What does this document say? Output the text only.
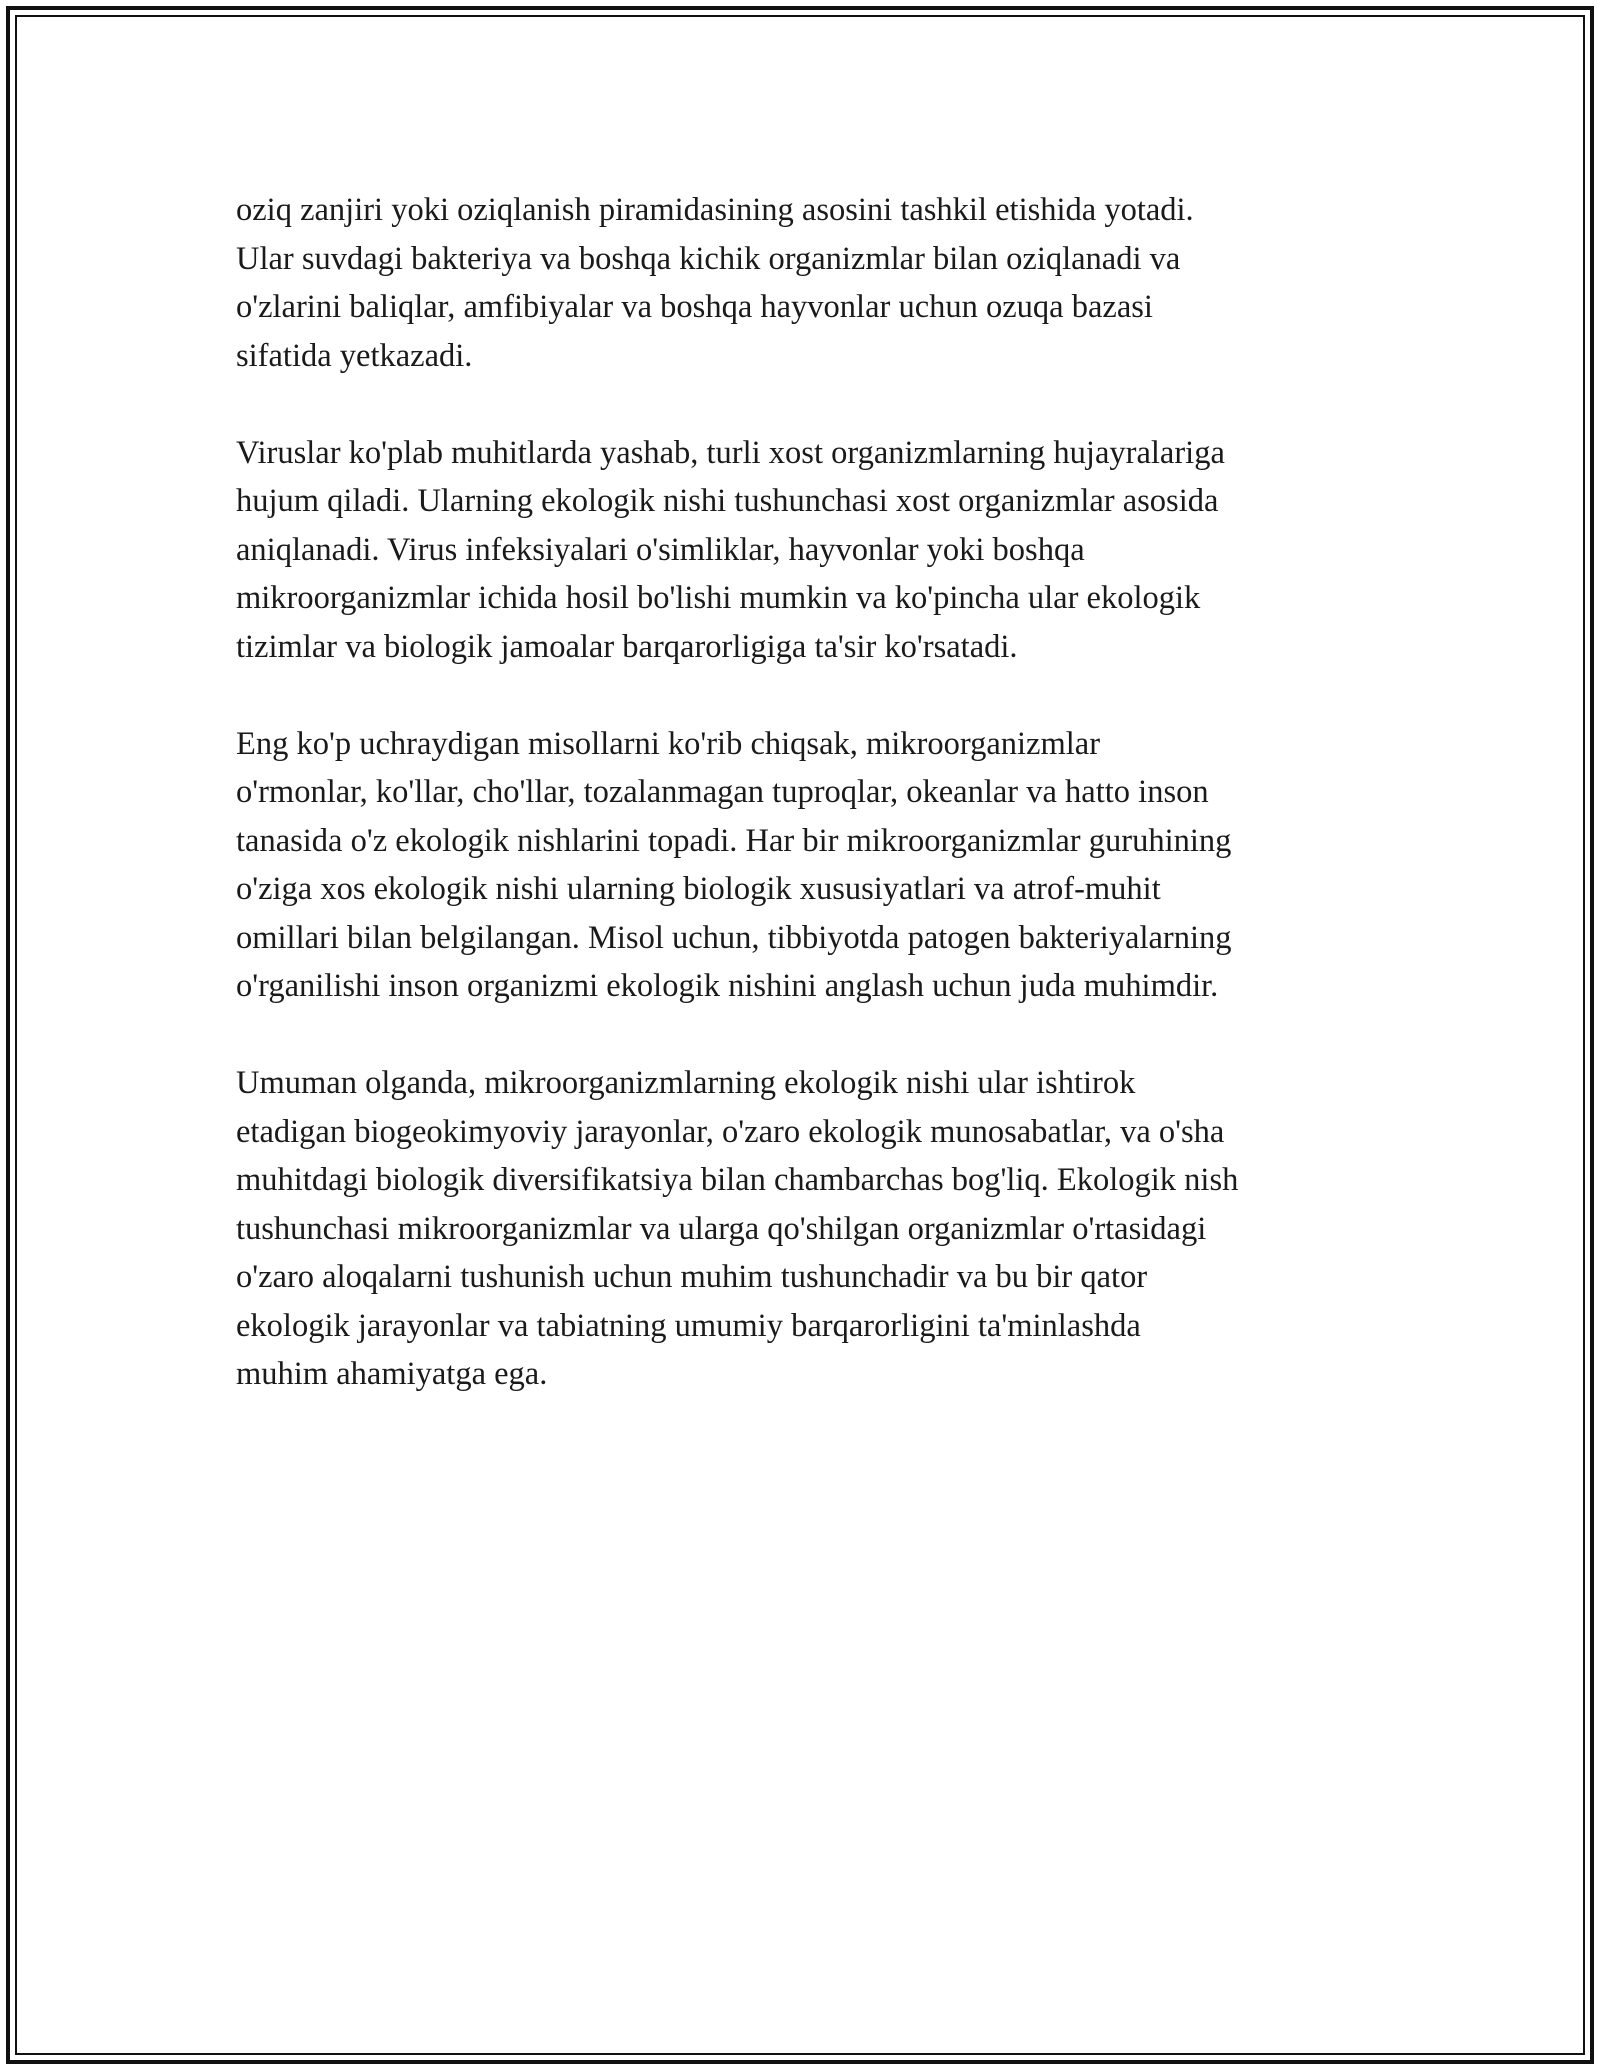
oziq zanjiri yoki oziqlanish piramidasining asosini tashkil etishida yotadi.
Ular suvdagi bakteriya va boshqa kichik organizmlar bilan oziqlanadi va
o'zlarini baliqlar, amfibiyalar va boshqa hayvonlar uchun ozuqa bazasi
sifatida yetkazadi.

Viruslar ko'plab muhitlarda yashab, turli xost organizmlarning hujayralariga
hujum qiladi. Ularning ekologik nishi tushunchasi xost organizmlar asosida
aniqlanadi. Virus infeksiyalari o'simliklar, hayvonlar yoki boshqa
mikroorganizmlar ichida hosil bo'lishi mumkin va ko'pincha ular ekologik
tizimlar va biologik jamoalar barqarorligiga ta'sir ko'rsatadi.

Eng ko'p uchraydigan misollarni ko'rib chiqsak, mikroorganizmlar
o'rmonlar, ko'llar, cho'llar, tozalanmagan tuproqlar, okeanlar va hatto inson
tanasida o'z ekologik nishlarini topadi. Har bir mikroorganizmlar guruhining
o'ziga xos ekologik nishi ularning biologik xususiyatlari va atrof-muhit
omillari bilan belgilangan. Misol uchun, tibbiyotda patogen bakteriyalarning
o'rganilishi inson organizmi ekologik nishini anglash uchun juda muhimdir.

Umuman olganda, mikroorganizmlarning ekologik nishi ular ishtirok
etadigan biogeokimyoviy jarayonlar, o'zaro ekologik munosabatlar, va o'sha
muhitdagi biologik diversifikatsiya bilan chambarchas bog'liq. Ekologik nish
tushunchasi mikroorganizmlar va ularga qo'shilgan organizmlar o'rtasidagi
o'zaro aloqalarni tushunish uchun muhim tushunchadir va bu bir qator
ekologik jarayonlar va tabiatning umumiy barqarorligini ta'minlashda
muhim ahamiyatga ega.
